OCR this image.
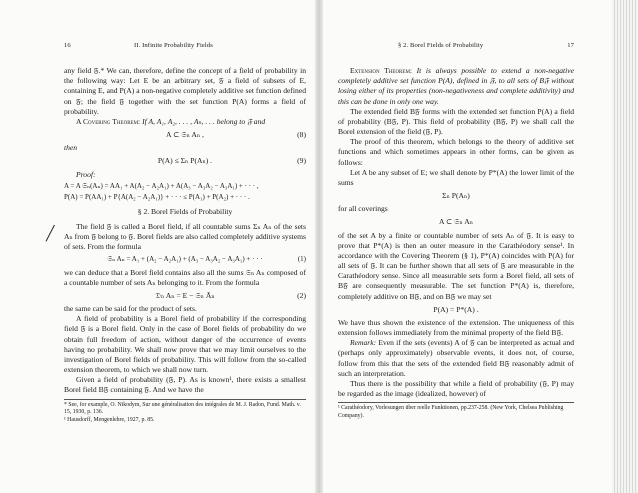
16	II. Infinite Probability Fields	§ 2. Borel Fields of Probability	17
╱

any field 𝔉.* We can, therefore, define the concept of a field of probability in the following way: Let E be an arbitrary set, 𝔉 a field of subsets of E, containing E, and P(A) a non-negative completely additive set function defined on 𝔉; the field 𝔉 together with the set function P(A) forms a field of probability.

A Covering Theorem: If A, A₁, A₂, . . . , Aₙ, . . . belong to 𝔉 and

A ⊂ 𝔖ₙ Aₙ ,	(8)

then

P(A) ≤ Σₙ P(Aₙ) .	(9)

Proof:

A = A 𝔖ₙ(Aₙ) = AA₁ + A(A₂ − A₂A₁) + A(A₃ − A₃A₂ − A₃A₁) + · · · ,
P(A) = P(AA₁) + P{A(A₂ − A₂A₁)} + · · · ≤ P(A₁) + P(A₂) + · · · .
§ 2. Borel Fields of Probability

The field 𝔉 is called a Borel field, if all countable sums Σₙ Aₙ of the sets Aₙ from 𝔉 belong to 𝔉. Borel fields are also called completely additive systems of sets. From the formula

𝔖ₙ Aₙ = A₁ + (A₂ − A₂A₁) + (A₃ − A₃A₂ − A₃A₁) + · · ·	(1)

we can deduce that a Borel field contains also all the sums 𝔖ₙ Aₙ composed of a countable number of sets Aₙ belonging to it. From the formula

𝔇ₙ Aₙ = E − 𝔖ₙ Āₙ	(2)

the same can be said for the product of sets.

A field of probability is a Borel field of probability if the corresponding field 𝔉 is a Borel field. Only in the case of Borel fields of probability do we obtain full freedom of action, without danger of the occurrence of events having no probability. We shall now prove that we may limit ourselves to the investigation of Borel fields of probability. This will follow from the so-called extension theorem, to which we shall now turn.

Given a field of probability (𝔉, P). As is known¹, there exists a smallest Borel field B𝔉 containing 𝔉. And we have the

* See, for example, O. Nikodym, Sur une généralisation des intégrales de M. J. Radon, Fund. Math. v. 15, 1930, p. 136.

¹ Hausdorff, Mengenlehre, 1927, p. 85.

Extension Theorem: It is always possible to extend a non-negative completely additive set function P(A), defined in 𝔉, to all sets of B𝔉 without losing either of its properties (non-negativeness and complete additivity) and this can be done in only one way.

The extended field B𝔉 forms with the extended set function P(A) a field of probability (B𝔉, P). This field of probability (B𝔉, P) we shall call the Borel extension of the field (𝔉, P).

The proof of this theorem, which belongs to the theory of additive set functions and which sometimes appears in other forms, can be given as follows:

Let A be any subset of E; we shall denote by P*(A) the lower limit of the sums

Σₙ P(Aₙ)

for all coverings

A ⊂ 𝔖ₙ Aₙ

of the set A by a finite or countable number of sets Aₙ of 𝔉. It is easy to prove that P*(A) is then an outer measure in the Carathéodory sense¹. In accordance with the Covering Theorem (§ 1), P*(A) coincides with P(A) for all sets of 𝔉. It can be further shown that all sets of 𝔉 are measurable in the Carathéodory sense. Since all measurable sets form a Borel field, all sets of B𝔉 are consequently measurable. The set function P*(A) is, therefore, completely additive on B𝔉, and on B𝔉 we may set

P(A) = P*(A) .

We have thus shown the existence of the extension. The uniqueness of this extension follows immediately from the minimal property of the field B𝔉.

Remark: Even if the sets (events) A of 𝔉 can be interpreted as actual and (perhaps only approximately) observable events, it does not, of course, follow from this that the sets of the extended field B𝔉 reasonably admit of such an interpretation.

Thus there is the possibility that while a field of probability (𝔉, P) may be regarded as the image (idealized, however) of

¹ Carathéodory, Vorlesungen über reelle Funktionen, pp.237-258. (New York, Chelsea Publishing Company).
